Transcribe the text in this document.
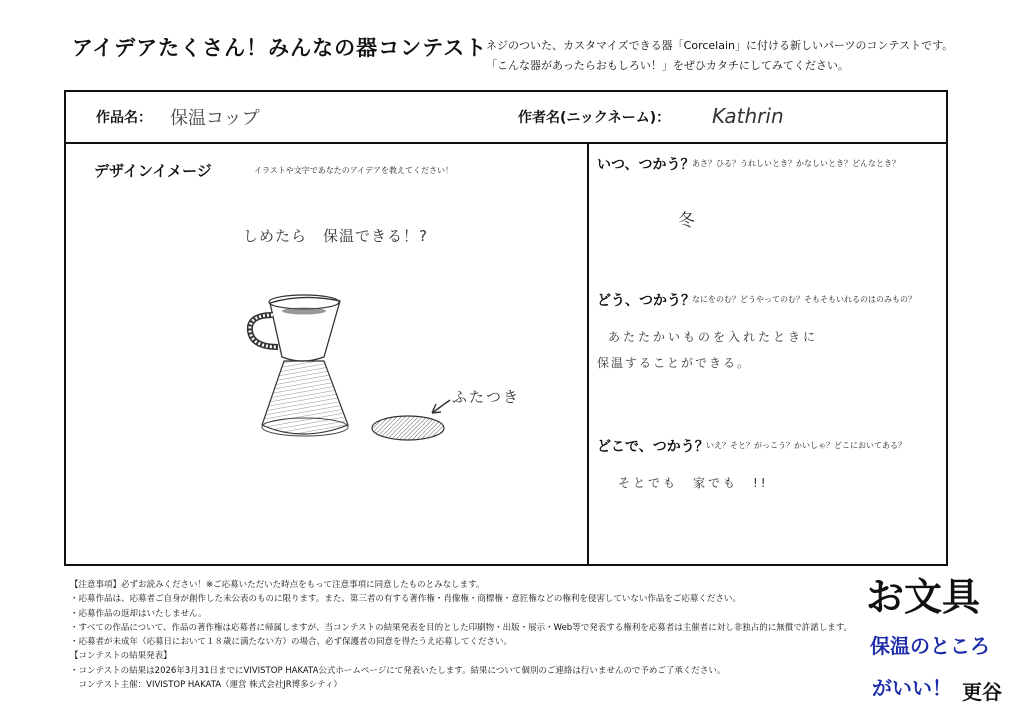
アイデアたくさん！みんなの器コンテスト
ネジのついた、カスタマイズできる器「Corcelain」に付ける新しいパーツのコンテストです。
「こんな器があったらおもしろい！」をぜひカタチにしてみてください。
作品名： 保温コップ	作者名(ニックネーム)： Kathrin
デザインイメージ	イラストや文字であなたのアイデアを教えてください！
しめたら　保温できる！?
ふたつき
いつ、つかう？
あさ？ひる？うれしいとき？かなしいとき？どんなとき？
冬
どう、つかう？
なにをのむ？どうやってのむ？そもそもいれるのはのみもの？
あたたかいものを入れたときに
保温することができる。
どこで、つかう？
いえ？そと？がっこう？かいしゃ？どこにおいてある？
そとでも　家でも　!!
【注意事項】必ずお読みください！※ご応募いただいた時点をもって注意事項に同意したものとみなします。
・応募作品は、応募者ご自身が創作した未公表のものに限ります。また、第三者の有する著作権・肖像権・商標権・意匠権などの権利を侵害していない作品をご応募ください。
・応募作品の返却はいたしません。
・すべての作品について、作品の著作権は応募者に帰属しますが、当コンテストの結果発表を目的とした印刷物・出版・展示・Web等で発表する権利を応募者は主催者に対し非独占的に無償で許諾します。
・応募者が未成年（応募日において１８歳に満たない方）の場合、必ず保護者の同意を得たうえ応募してください。
【コンテストの結果発表】
・コンテストの結果は2026年3月31日までにVIVISTOP HAKATA公式ホームページにて発表いたします。結果について個別のご連絡は行いませんので予めご了承ください。
　コンテスト主催：VIVISTOP HAKATA（運営 株式会社JR博多シティ）
お文具
保温のところ
がいい！ 更谷
